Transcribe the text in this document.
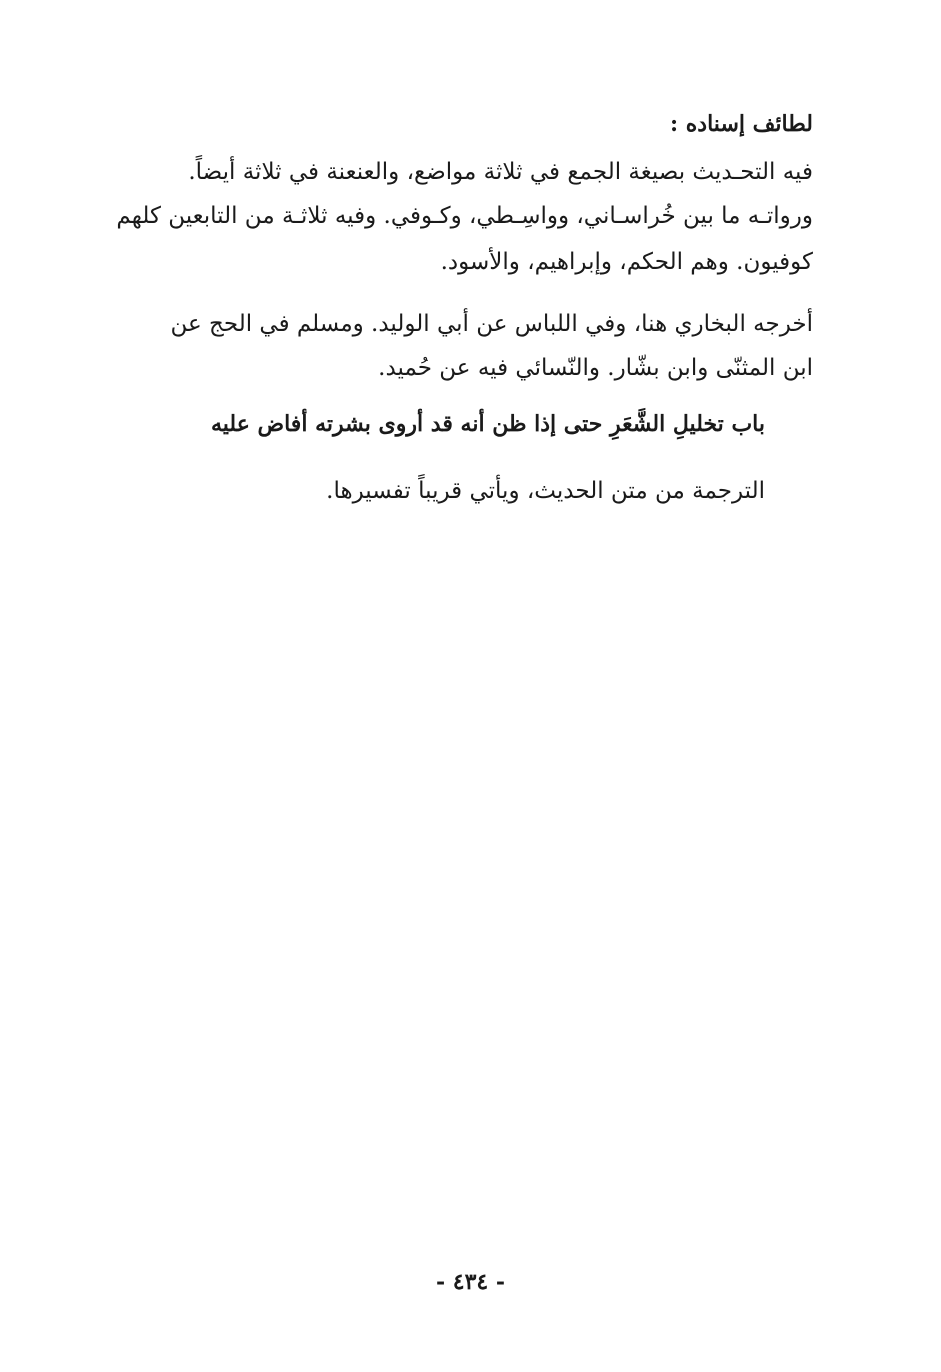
لطائف إسناده :
فيه التحـديث بصيغة الجمع في ثلاثة مواضع، والعنعنة في ثلاثة أيضاً.
ورواتـه ما بين خُراسـاني، وواسِـطي، وكـوفي. وفيه ثلاثـة من التابعين كلهم
كوفيون. وهم الحكم، وإبراهيم، والأسود.
أخرجه البخاري هنا، وفي اللباس عن أبي الوليد. ومسلم في الحج عن
ابن المثنّى وابن بشّار. والنّسائي فيه عن حُميد.
باب تخليلِ الشَّعَرِ حتى إذا ظن أنه قد أروى بشرته أفاض عليه
الترجمة من متن الحديث، ويأتي قريباً تفسيرها.
- ٤٣٤ -
